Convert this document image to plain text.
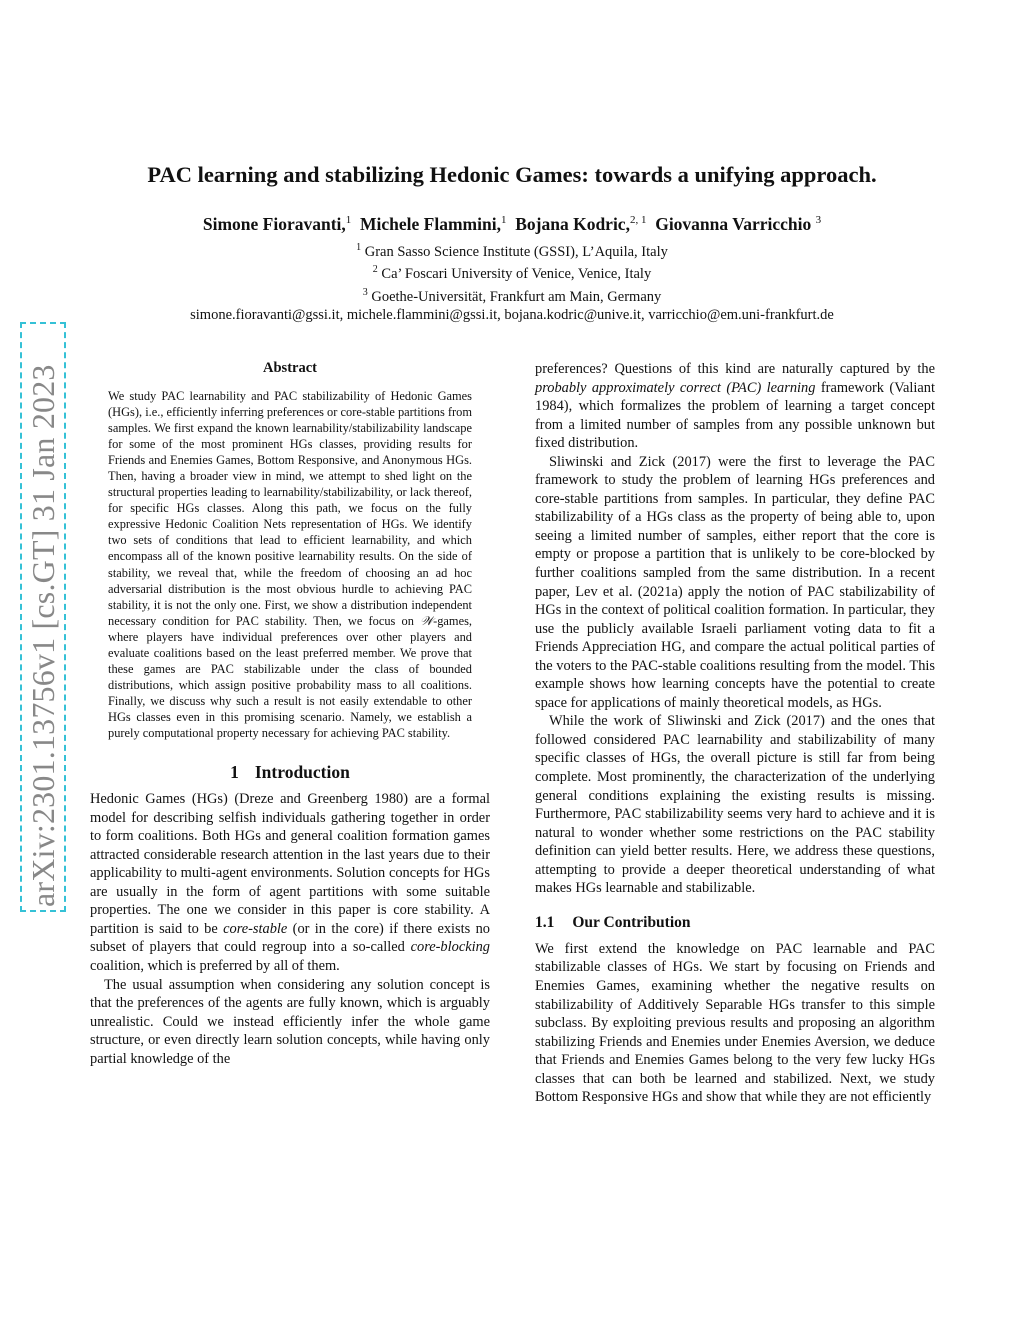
arXiv:2301.13756v1 [cs.GT] 31 Jan 2023
PAC learning and stabilizing Hedonic Games: towards a unifying approach.
Simone Fioravanti,$^1$ Michele Flammini,$^1$ Bojana Kodric,$^{2, 1}$ Giovanna Varricchio $^3$
$^1$ Gran Sasso Science Institute (GSSI), L’Aquila, Italy
$^2$ Ca’ Foscari University of Venice, Venice, Italy
$^3$ Goethe-Universität, Frankfurt am Main, Germany
simone.fioravanti@gssi.it, michele.flammini@gssi.it, bojana.kodric@unive.it, varricchio@em.uni-frankfurt.de
Abstract
We study PAC learnability and PAC stabilizability of Hedonic Games (HGs), i.e., efficiently inferring preferences or core-stable partitions from samples. We first expand the known learnability/stabilizability landscape for some of the most prominent HGs classes, providing results for Friends and Enemies Games, Bottom Responsive, and Anonymous HGs. Then, having a broader view in mind, we attempt to shed light on the structural properties leading to learnability/stabilizability, or lack thereof, for specific HGs classes. Along this path, we focus on the fully expressive Hedonic Coalition Nets representation of HGs. We identify two sets of conditions that lead to efficient learnability, and which encompass all of the known positive learnability results. On the side of stability, we reveal that, while the freedom of choosing an ad hoc adversarial distribution is the most obvious hurdle to achieving PAC stability, it is not the only one. First, we show a distribution independent necessary condition for PAC stability. Then, we focus on 𝒲-games, where players have individual preferences over other players and evaluate coalitions based on the least preferred member. We prove that these games are PAC stabilizable under the class of bounded distributions, which assign positive probability mass to all coalitions. Finally, we discuss why such a result is not easily extendable to other HGs classes even in this promising scenario. Namely, we establish a purely computational property necessary for achieving PAC stability.
1 Introduction

Hedonic Games (HGs) (Dreze and Greenberg 1980) are a formal model for describing selfish individuals gathering together in order to form coalitions. Both HGs and general coalition formation games attracted considerable research attention in the last years due to their applicability to multi-agent environments. Solution concepts for HGs are usually in the form of agent partitions with some suitable properties. The one we consider in this paper is core stability. A partition is said to be core-stable (or in the core) if there exists no subset of players that could regroup into a so-called core-blocking coalition, which is preferred by all of them.

The usual assumption when considering any solution concept is that the preferences of the agents are fully known, which is arguably unrealistic. Could we instead efficiently infer the whole game structure, or even directly learn solution concepts, while having only partial knowledge of the

preferences? Questions of this kind are naturally captured by the probably approximately correct (PAC) learning framework (Valiant 1984), which formalizes the problem of learning a target concept from a limited number of samples from any possible unknown but fixed distribution.

Sliwinski and Zick (2017) were the first to leverage the PAC framework to study the problem of learning HGs preferences and core-stable partitions from samples. In particular, they define PAC stabilizability of a HGs class as the property of being able to, upon seeing a limited number of samples, either report that the core is empty or propose a partition that is unlikely to be core-blocked by further coalitions sampled from the same distribution. In a recent paper, Lev et al. (2021a) apply the notion of PAC stabilizability of HGs in the context of political coalition formation. In particular, they use the publicly available Israeli parliament voting data to fit a Friends Appreciation HG, and compare the actual political parties of the voters to the PAC-stable coalitions resulting from the model. This example shows how learning concepts have the potential to create space for applications of mainly theoretical models, as HGs.

While the work of Sliwinski and Zick (2017) and the ones that followed considered PAC learnability and stabilizability of many specific classes of HGs, the overall picture is still far from being complete. Most prominently, the characterization of the underlying general conditions explaining the existing results is missing. Furthermore, PAC stabilizability seems very hard to achieve and it is natural to wonder whether some restrictions on the PAC stability definition can yield better results. Here, we address these questions, attempting to provide a deeper theoretical understanding of what makes HGs learnable and stabilizable.

1.1 Our Contribution

We first extend the knowledge on PAC learnable and PAC stabilizable classes of HGs. We start by focusing on Friends and Enemies Games, examining whether the negative results on stabilizability of Additively Separable HGs transfer to this simple subclass. By exploiting previous results and proposing an algorithm stabilizing Friends and Enemies under Enemies Aversion, we deduce that Friends and Enemies Games belong to the very few lucky HGs classes that can both be learned and stabilized. Next, we study Bottom Responsive HGs and show that while they are not efficiently
